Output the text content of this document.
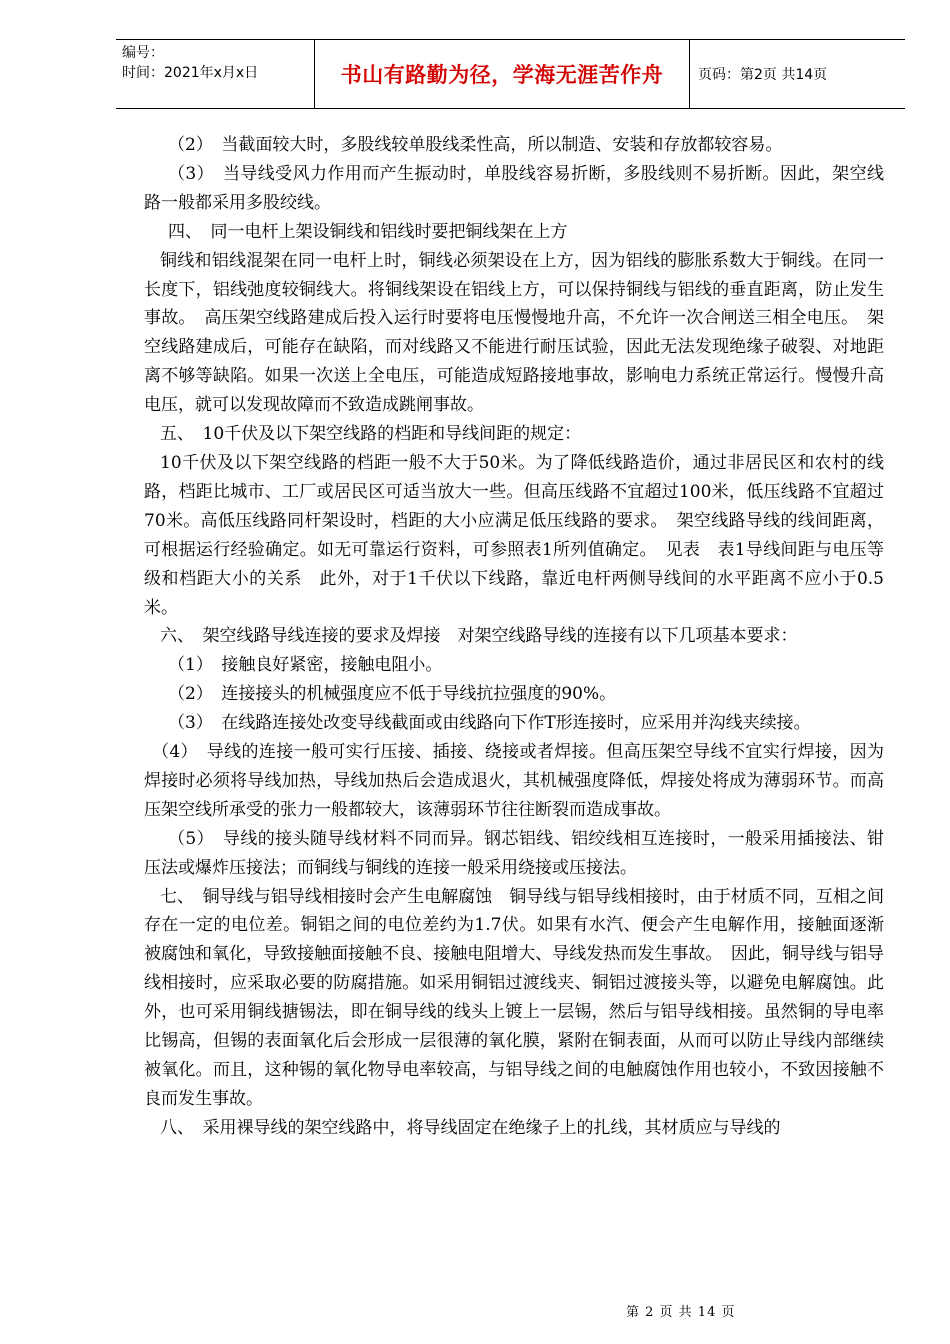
编号：
时间：2021年x月x日	书山有路勤为径，学海无涯苦作舟	页码：第2页 共14页

（2）　当截面较大时，多股线较单股线柔性高，所以制造、安装和存放都较容易。

（3）　当导线受风力作用而产生振动时，单股线容易折断，多股线则不易折断。因此，架空线路一般都采用多股绞线。

四、　同一电杆上架设铜线和铝线时要把铜线架在上方

铜线和铝线混架在同一电杆上时，铜线必须架设在上方，因为铝线的膨胀系数大于铜线。在同一长度下，铝线弛度较铜线大。将铜线架设在铝线上方，可以保持铜线与铝线的垂直距离，防止发生事故。　高压架空线路建成后投入运行时要将电压慢慢地升高，不允许一次合闸送三相全电压。　架空线路建成后，可能存在缺陷，而对线路又不能进行耐压试验，因此无法发现绝缘子破裂、对地距离不够等缺陷。如果一次送上全电压，可能造成短路接地事故，影响电力系统正常运行。慢慢升高电压，就可以发现故障而不致造成跳闸事故。

五、　10千伏及以下架空线路的档距和导线间距的规定：

10千伏及以下架空线路的档距一般不大于50米。为了降低线路造价，通过非居民区和农村的线路，档距比城市、工厂或居民区可适当放大一些。但高压线路不宜超过100米，低压线路不宜超过70米。高低压线路同杆架设时，档距的大小应满足低压线路的要求。　架空线路导线的线间距离，可根据运行经验确定。如无可靠运行资料，可参照表1所列值确定。　见表　表1导线间距与电压等级和档距大小的关系　此外，对于1千伏以下线路，靠近电杆两侧导线间的水平距离不应小于0.5米。

六、　架空线路导线连接的要求及焊接　对架空线路导线的连接有以下几项基本要求：

（1）　接触良好紧密，接触电阻小。

（2）　连接接头的机械强度应不低于导线抗拉强度的90%。

（3）　在线路连接处改变导线截面或由线路向下作T形连接时，应采用并沟线夹续接。

（4）　导线的连接一般可实行压接、插接、绕接或者焊接。但高压架空导线不宜实行焊接，因为焊接时必须将导线加热，导线加热后会造成退火，其机械强度降低，焊接处将成为薄弱环节。而高压架空线所承受的张力一般都较大，该薄弱环节往往断裂而造成事故。

（5）　导线的接头随导线材料不同而异。钢芯铝线、铝绞线相互连接时，一般采用插接法、钳压法或爆炸压接法；而铜线与铜线的连接一般采用绕接或压接法。

七、　铜导线与铝导线相接时会产生电解腐蚀　铜导线与铝导线相接时，由于材质不同，互相之间存在一定的电位差。铜铝之间的电位差约为1.7伏。如果有水汽、便会产生电解作用，接触面逐渐被腐蚀和氧化，导致接触面接触不良、接触电阻增大、导线发热而发生事故。　因此，铜导线与铝导线相接时，应采取必要的防腐措施。如采用铜铝过渡线夹、铜铝过渡接头等，以避免电解腐蚀。此外，也可采用铜线搪锡法，即在铜导线的线头上镀上一层锡，然后与铝导线相接。虽然铜的导电率比锡高，但锡的表面氧化后会形成一层很薄的氧化膜，紧附在铜表面，从而可以防止导线内部继续被氧化。而且，这种锡的氧化物导电率较高，与铝导线之间的电触腐蚀作用也较小，不致因接触不良而发生事故。

八、　采用裸导线的架空线路中，将导线固定在绝缘子上的扎线，其材质应与导线的

第 2 页 共 14 页
